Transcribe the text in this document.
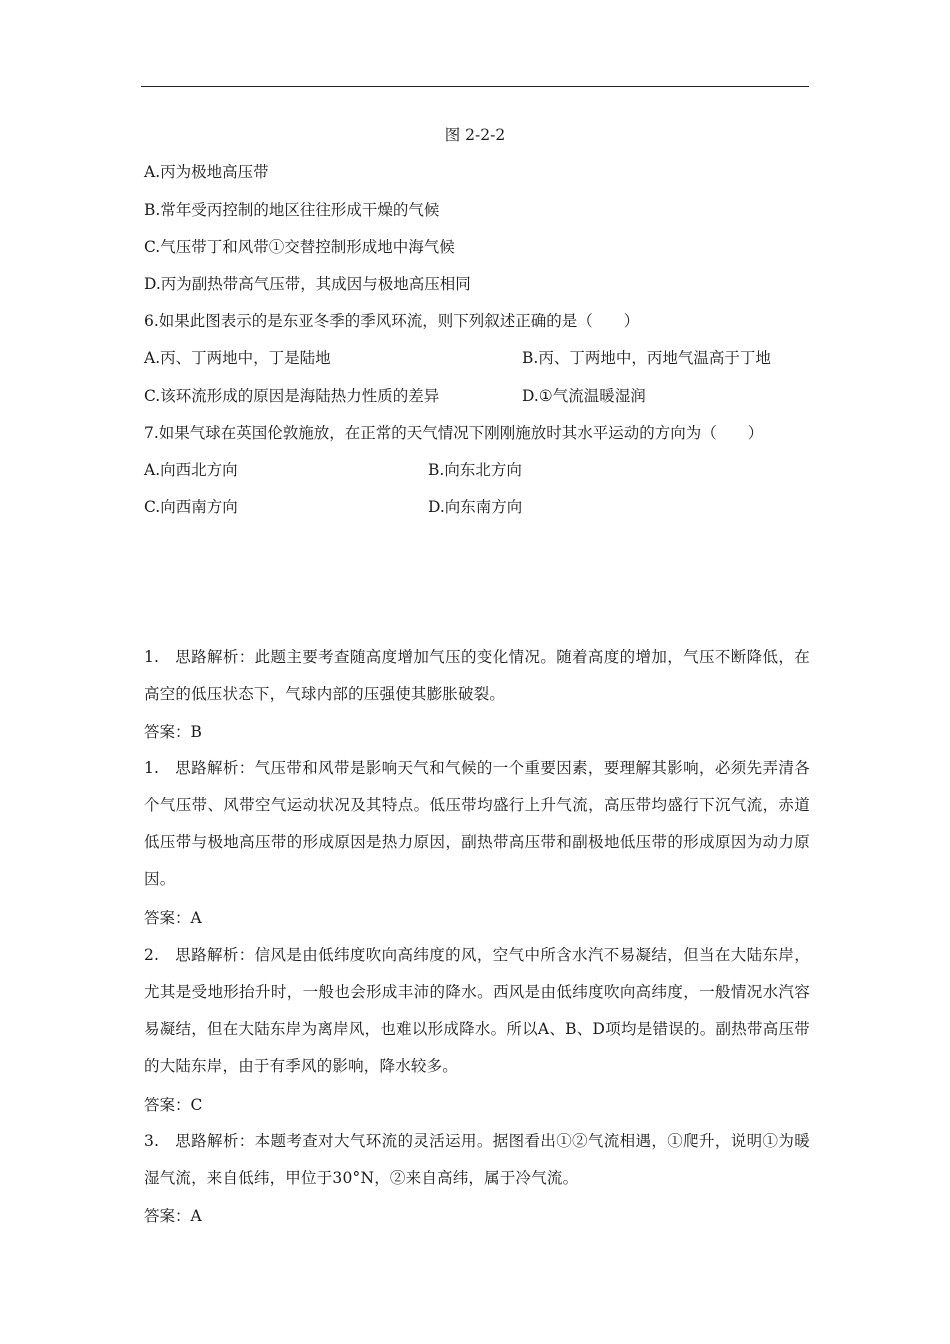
图 2-2-2
A.丙为极地高压带
B.常年受丙控制的地区往往形成干燥的气候
C.气压带丁和风带①交替控制形成地中海气候
D.丙为副热带高气压带，其成因与极地高压相同
6.如果此图表示的是东亚冬季的季风环流，则下列叙述正确的是（　　）
A.丙、丁两地中，丁是陆地	B.丙、丁两地中，丙地气温高于丁地
C.该环流形成的原因是海陆热力性质的差异	D.①气流温暖湿润
7.如果气球在英国伦敦施放，在正常的天气情况下刚刚施放时其水平运动的方向为（　　）
A.向西北方向	B.向东北方向
C.向西南方向	D.向东南方向
1.　思路解析：此题主要考查随高度增加气压的变化情况。随着高度的增加，气压不断降低，在高空的低压状态下，气球内部的压强使其膨胀破裂。
答案：B
1.　思路解析：气压带和风带是影响天气和气候的一个重要因素，要理解其影响，必须先弄清各个气压带、风带空气运动状况及其特点。低压带均盛行上升气流，高压带均盛行下沉气流，赤道低压带与极地高压带的形成原因是热力原因，副热带高压带和副极地低压带的形成原因为动力原因。
答案：A
2.　思路解析：信风是由低纬度吹向高纬度的风，空气中所含水汽不易凝结，但当在大陆东岸，尤其是受地形抬升时，一般也会形成丰沛的降水。西风是由低纬度吹向高纬度，一般情况水汽容易凝结，但在大陆东岸为离岸风，也难以形成降水。所以A、B、D项均是错误的。副热带高压带的大陆东岸，由于有季风的影响，降水较多。
答案：C
3.　思路解析：本题考查对大气环流的灵活运用。据图看出①②气流相遇，①爬升，说明①为暖湿气流，来自低纬，甲位于30°N，②来自高纬，属于冷气流。
答案：A
